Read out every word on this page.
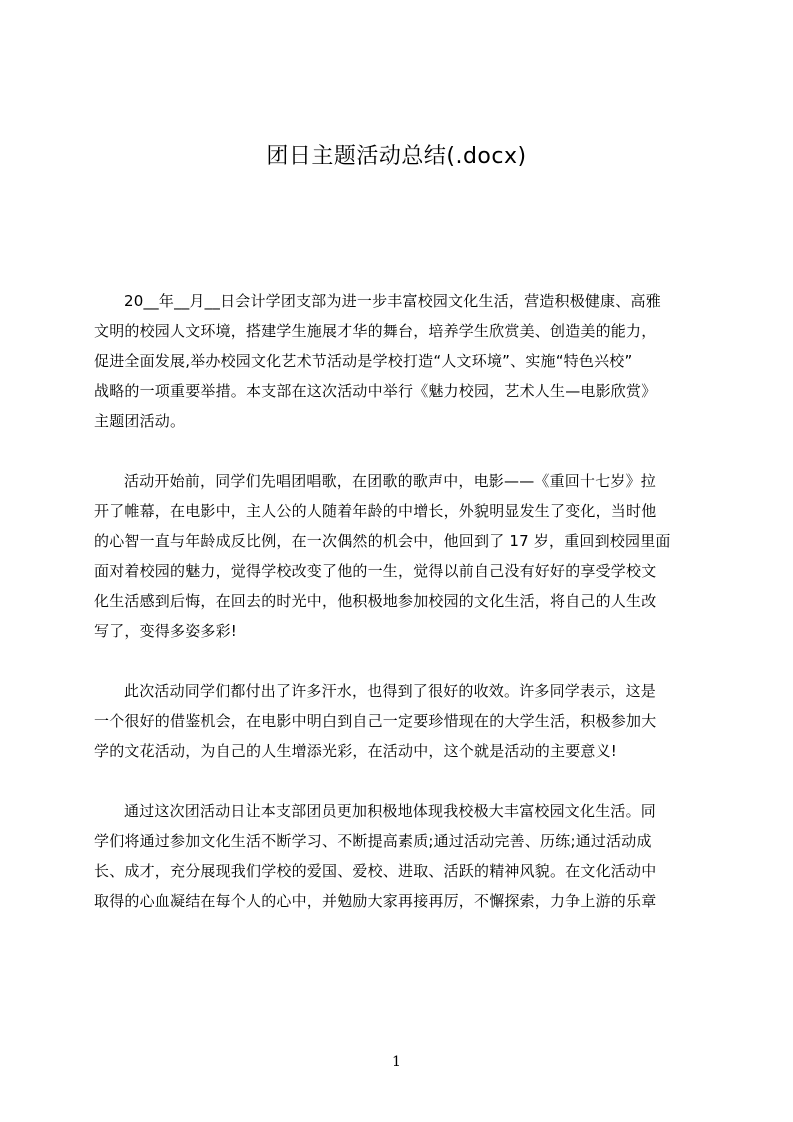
团日主题活动总结(.docx)
20__年__月__日会计学团支部为进一步丰富校园文化生活，营造积极健康、高雅
文明的校园人文环境，搭建学生施展才华的舞台，培养学生欣赏美、创造美的能力，
促进全面发展,举办校园文化艺术节活动是学校打造“人文环境”、实施“特色兴校”
战略的一项重要举措。本支部在这次活动中举行《魅力校园，艺术人生—电影欣赏》
主题团活动。
活动开始前，同学们先唱团唱歌，在团歌的歌声中，电影——《重回十七岁》拉
开了帷幕，在电影中，主人公的人随着年龄的中增长，外貌明显发生了变化，当时他
的心智一直与年龄成反比例，在一次偶然的机会中，他回到了 17 岁，重回到校园里面
面对着校园的魅力，觉得学校改变了他的一生，觉得以前自己没有好好的享受学校文
化生活感到后悔，在回去的时光中，他积极地参加校园的文化生活，将自己的人生改
写了，变得多姿多彩!
此次活动同学们都付出了许多汗水，也得到了很好的收效。许多同学表示，这是
一个很好的借鉴机会，在电影中明白到自己一定要珍惜现在的大学生活，积极参加大
学的文花活动，为自己的人生增添光彩，在活动中，这个就是活动的主要意义!
通过这次团活动日让本支部团员更加积极地体现我校极大丰富校园文化生活。同
学们将通过参加文化生活不断学习、不断提高素质;通过活动完善、历练;通过活动成
长、成才，充分展现我们学校的爱国、爱校、进取、活跃的精神风貌。在文化活动中
取得的心血凝结在每个人的心中，并勉励大家再接再厉，不懈探索，力争上游的乐章
1
